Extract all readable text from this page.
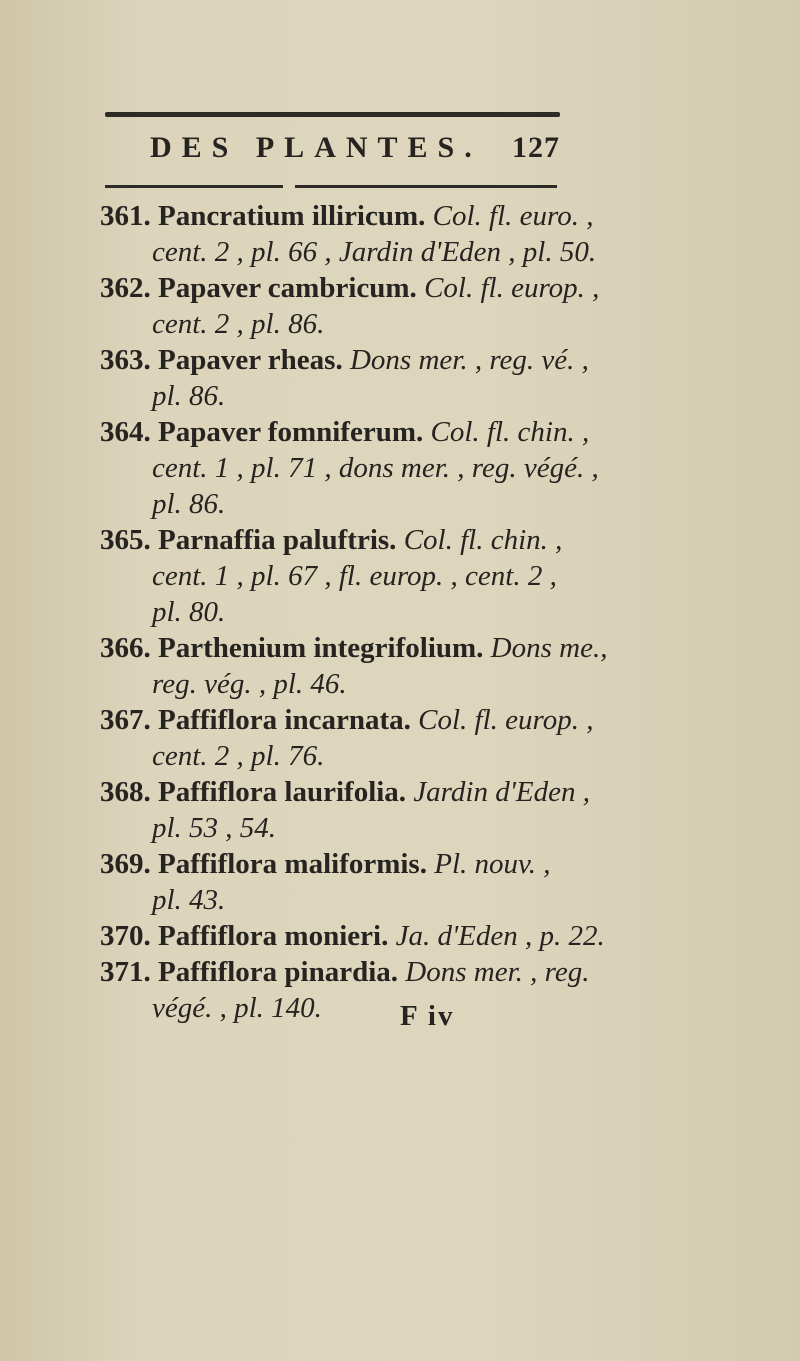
DES PLANTES. 127
361. Pancratium illiricum. Col. fl. euro. ,
cent. 2 , pl. 66 , Jardin d'Eden , pl. 50.
362. Papaver cambricum. Col. fl. europ. ,
cent. 2 , pl. 86.
363. Papaver rheas. Dons mer. , reg. vé. ,
pl. 86.
364. Papaver fomniferum. Col. fl. chin. ,
cent. 1 , pl. 71 , dons mer. , reg. végé. ,
pl. 86.
365. Parnaffia paluftris. Col. fl. chin. ,
cent. 1 , pl. 67 , fl. europ. , cent. 2 ,
pl. 80.
366. Parthenium integrifolium. Dons me.,
reg. vég. , pl. 46.
367. Paffiflora incarnata. Col. fl. europ. ,
cent. 2 , pl. 76.
368. Paffiflora laurifolia. Jardin d'Eden ,
pl. 53 , 54.
369. Paffiflora maliformis. Pl. nouv. ,
pl. 43.
370. Paffiflora monieri. Ja. d'Eden , p. 22.
371. Paffiflora pinardia. Dons mer. , reg.
végé. , pl. 140.	F iv
